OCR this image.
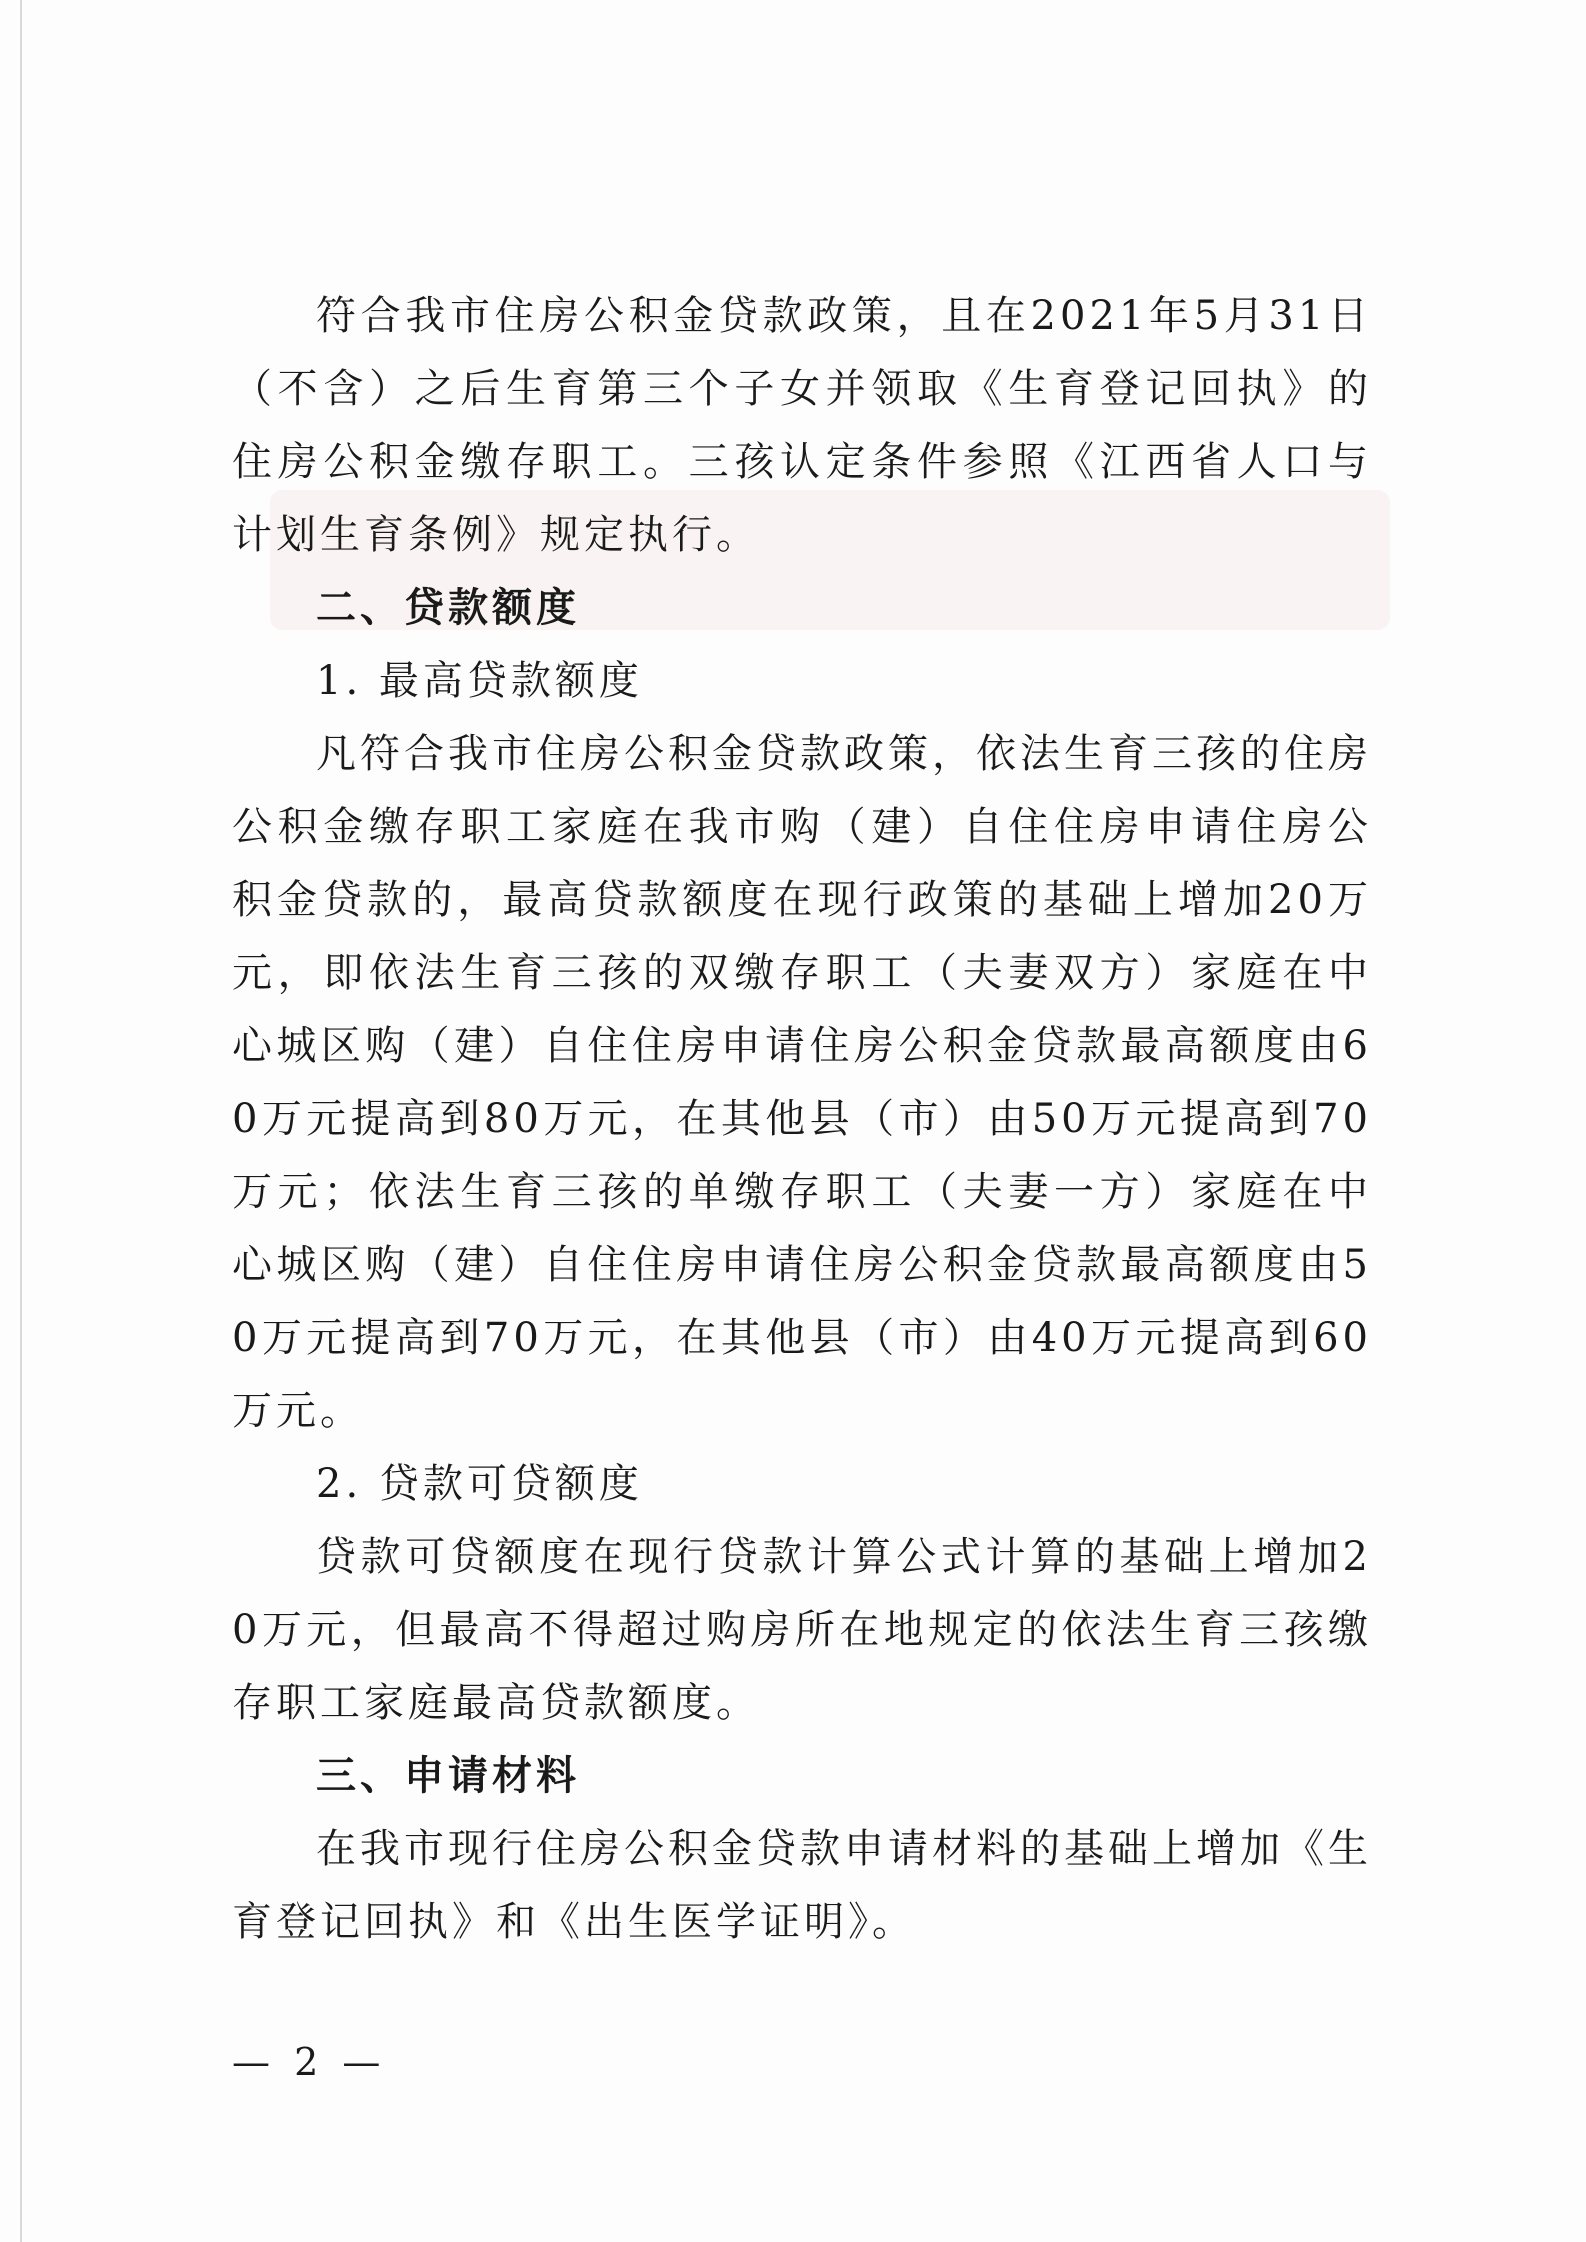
符合我市住房公积金贷款政策，且在2021年5月31日（不含）之后生育第三个子女并领取《生育登记回执》的住房公积金缴存职工。三孩认定条件参照《江西省人口与计划生育条例》规定执行。

二、贷款额度

1. 最高贷款额度

凡符合我市住房公积金贷款政策，依法生育三孩的住房公积金缴存职工家庭在我市购（建）自住住房申请住房公积金贷款的，最高贷款额度在现行政策的基础上增加20万元，即依法生育三孩的双缴存职工（夫妻双方）家庭在中心城区购（建）自住住房申请住房公积金贷款最高额度由60万元提高到80万元，在其他县（市）由50万元提高到70万元；依法生育三孩的单缴存职工（夫妻一方）家庭在中心城区购（建）自住住房申请住房公积金贷款最高额度由50万元提高到70万元，在其他县（市）由40万元提高到60万元。

2. 贷款可贷额度

贷款可贷额度在现行贷款计算公式计算的基础上增加20万元，但最高不得超过购房所在地规定的依法生育三孩缴存职工家庭最高贷款额度。

三、申请材料

在我市现行住房公积金贷款申请材料的基础上增加《生育登记回执》和《出生医学证明》。

— 2 —
